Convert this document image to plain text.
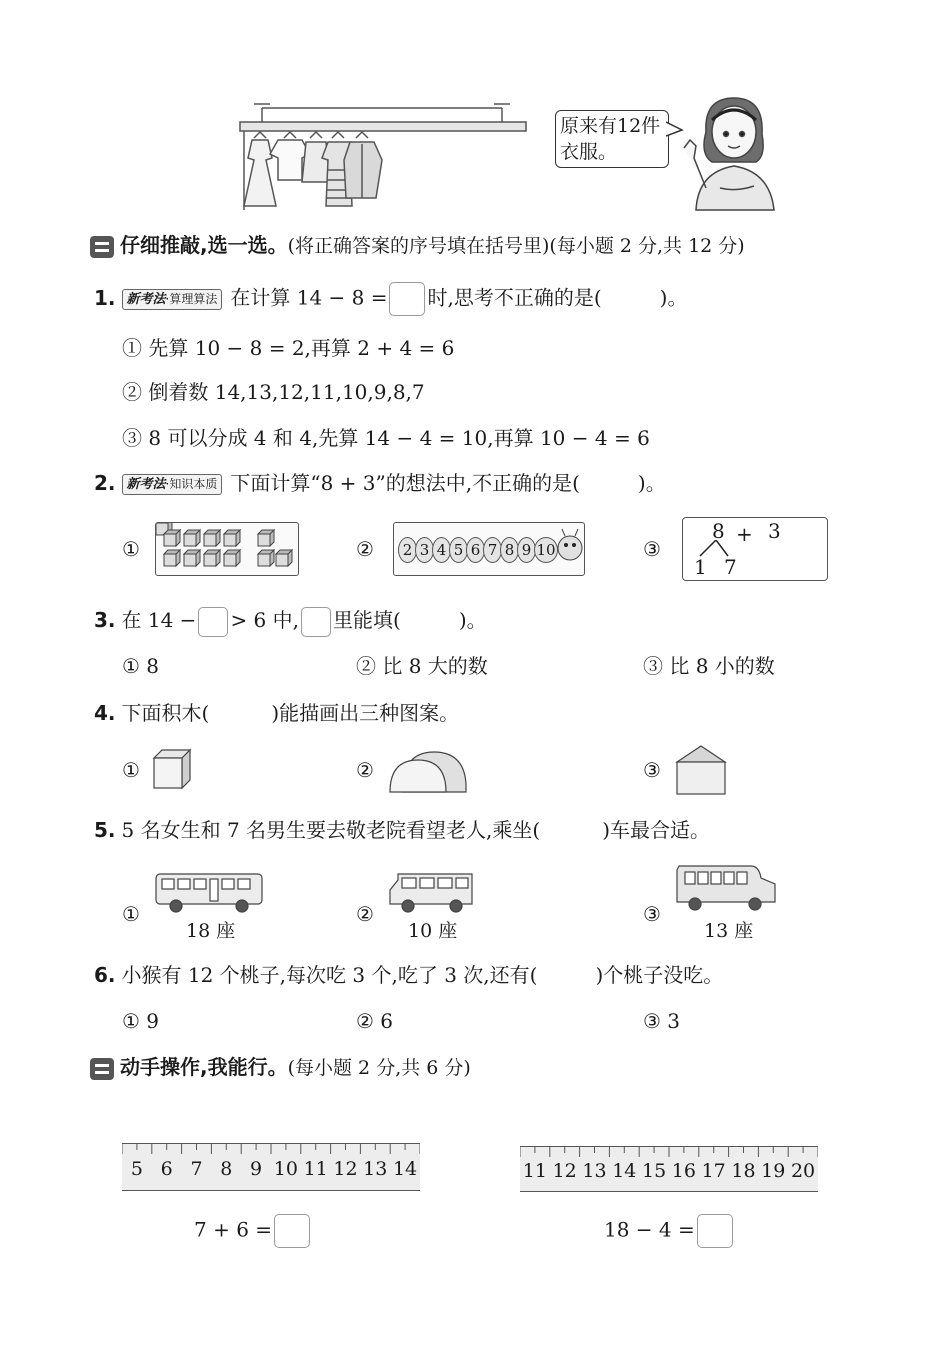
原来有12件衣服。
仔细推敲,选一选。(将正确答案的序号填在括号里)(每小题 2 分,共 12 分)
1. 新考法·算理算法 在计算 14 − 8 = 时,思考不正确的是(	)。
① 先算 10 − 8 = 2,再算 2 + 4 = 6
② 倒着数 14,13,12,11,10,9,8,7
③ 8 可以分成 4 和 4,先算 14 − 4 = 10,再算 10 − 4 = 6
2. 新考法·知识本质 下面计算“8 + 3”的想法中,不正确的是(	)。
①	②	2 3 4 5 6 7 8 9 10	③
8 + 3
1 7
3. 在 14 − > 6 中, 里能填(	)。
① 8	② 比 8 大的数	③ 比 8 小的数
4. 下面积木(	)能描画出三种图案。
①	②	③
5. 5 名女生和 7 名男生要去敬老院看望老人,乘坐(	)车最合适。
①
18 座
②
10 座
③
13 座
6. 小猴有 12 个桃子,每次吃 3 个,吃了 3 次,还有(	)个桃子没吃。
① 9	② 6	③ 3
动手操作,我能行。(每小题 2 分,共 6 分)
5 6 7 8 9 10 11 12 13 14	11 12 13 14 15 16 17 18 19 20
7 + 6 =	18 − 4 =
